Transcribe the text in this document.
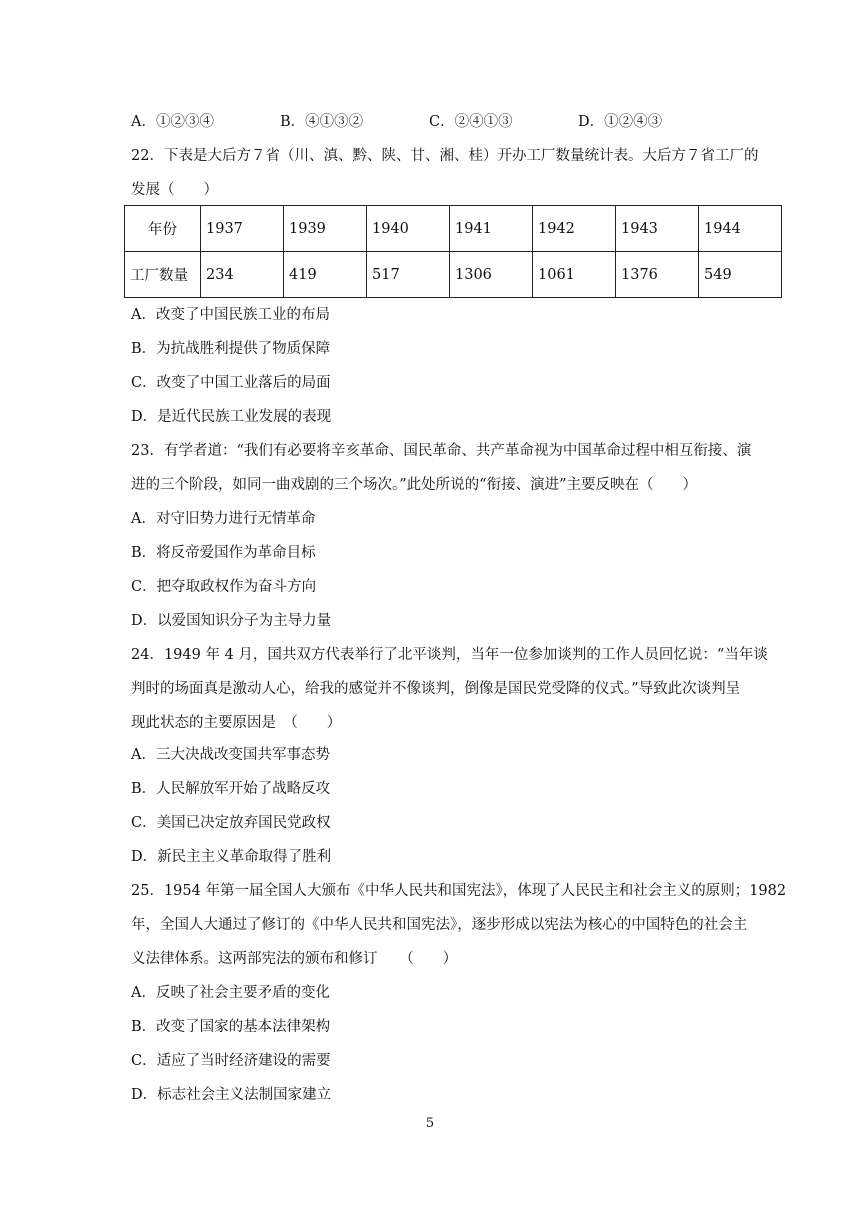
A．①②③④	B．④①③②	C．②④①③	D．①②④③
22．下表是大后方７省（川、滇、黔、陕、甘、湘、桂）开办工厂数量统计表。大后方７省工厂的
发展（　　）
年份	1937	1939	1940	1941	1942	1943	1944
工厂数量	234	419	517	1306	1061	1376	549
A．改变了中国民族工业的布局
B．为抗战胜利提供了物质保障
C．改变了中国工业落后的局面
D．是近代民族工业发展的表现
23．有学者道：“我们有必要将辛亥革命、国民革命、共产革命视为中国革命过程中相互衔接、演
进的三个阶段，如同一曲戏剧的三个场次。”此处所说的“衔接、演进”主要反映在（　　）
A．对守旧势力进行无情革命
B．将反帝爱国作为革命目标
C．把夺取政权作为奋斗方向
D．以爱国知识分子为主导力量
24．1949 年 4 月，国共双方代表举行了北平谈判，当年一位参加谈判的工作人员回忆说：“当年谈
判时的场面真是激动人心，给我的感觉并不像谈判，倒像是国民党受降的仪式。”导致此次谈判呈
现此状态的主要原因是　（　　）
A．三大决战改变国共军事态势
B．人民解放军开始了战略反攻
C．美国已决定放弃国民党政权
D．新民主主义革命取得了胜利
25．1954 年第一届全国人大颁布《中华人民共和国宪法》，体现了人民民主和社会主义的原则；1982
年，全国人大通过了修订的《中华人民共和国宪法》，逐步形成以宪法为核心的中国特色的社会主
义法律体系。这两部宪法的颁布和修订　　（　　）
A．反映了社会主要矛盾的变化
B．改变了国家的基本法律架构
C．适应了当时经济建设的需要
D．标志社会主义法制国家建立
5
